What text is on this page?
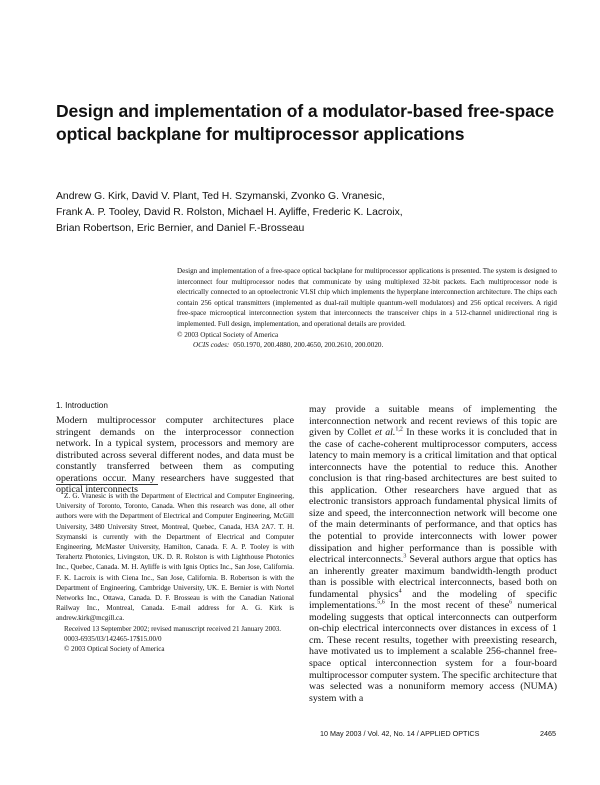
Design and implementation of a modulator-based free-space optical backplane for multiprocessor applications
Andrew G. Kirk, David V. Plant, Ted H. Szymanski, Zvonko G. Vranesic,
Frank A. P. Tooley, David R. Rolston, Michael H. Ayliffe, Frederic K. Lacroix,
Brian Robertson, Eric Bernier, and Daniel F.-Brosseau

Design and implementation of a free-space optical backplane for multiprocessor applications is presented. The system is designed to interconnect four multiprocessor nodes that communicate by using multiplexed 32-bit packets. Each multiprocessor node is electrically connected to an optoelectronic VLSI chip which implements the hyperplane interconnection architecture. The chips each contain 256 optical transmitters (implemented as dual-rail multiple quantum-well modulators) and 256 optical receivers. A rigid free-space microoptical interconnection system that interconnects the transceiver chips in a 512-channel unidirectional ring is implemented. Full design, implementation, and operational details are provided.

© 2003 Optical Society of America

OCIS codes: 050.1970, 200.4880, 200.4650, 200.2610, 200.0020.

1. Introduction

Modern multiprocessor computer architectures place stringent demands on the interprocessor connection network. In a typical system, processors and memory are distributed across several different nodes, and data must be constantly transferred between them as computing operations occur. Many researchers have suggested that optical interconnects

may provide a suitable means of implementing the interconnection network and recent reviews of this topic are given by Collet et al.$^{1,2}$ In these works it is concluded that in the case of cache-coherent multiprocessor computers, access latency to main memory is a critical limitation and that optical interconnects have the potential to reduce this. Another conclusion is that ring-based architectures are best suited to this application. Other researchers have argued that as electronic transistors approach fundamental physical limits of size and speed, the interconnection network will become one of the main determinants of performance, and that optics has the potential to provide interconnects with lower power dissipation and higher performance than is possible with electrical interconnects.$^3$ Several authors argue that optics has an inherently greater maximum bandwidth-length product than is possible with electrical interconnects, based both on fundamental physics$^4$ and the modeling of specific implementations.$^{5,6}$ In the most recent of these$^6$ numerical modeling suggests that optical interconnects can outperform on-chip electrical interconnects over distances in excess of 1 cm. These recent results, together with preexisting research, have motivated us to implement a scalable 256-channel free-space optical interconnection system for a four-board multiprocessor computer system. The specific architecture that was selected was a nonuniform memory access (NUMA) system with a

Z. G. Vranesic is with the Department of Electrical and Computer Engineering, University of Toronto, Toronto, Canada. When this research was done, all other authors were with the Department of Electrical and Computer Engineering, McGill University, 3480 University Street, Montreal, Quebec, Canada, H3A 2A7. T. H. Szymanski is currently with the Department of Electrical and Computer Engineering, McMaster University, Hamilton, Canada. F. A. P. Tooley is with Terahertz Photonics, Livingston, UK. D. R. Rolston is with Lighthouse Photonics Inc., Quebec, Canada. M. H. Ayliffe is with Ignis Optics Inc., San Jose, California. F. K. Lacroix is with Ciena Inc., San Jose, California. B. Robertson is with the Department of Engineering, Cambridge University, UK. E. Bernier is with Nortel Networks Inc., Ottawa, Canada. D. F. Brosseau is with the Canadian National Railway Inc., Montreal, Canada. E-mail address for A. G. Kirk is andrew.kirk@mcgill.ca.

Received 13 September 2002; revised manuscript received 21 January 2003.

0003-6935/03/142465-17$15.00/0
© 2003 Optical Society of America
10 May 2003 / Vol. 42, No. 14 / APPLIED OPTICS	2465
